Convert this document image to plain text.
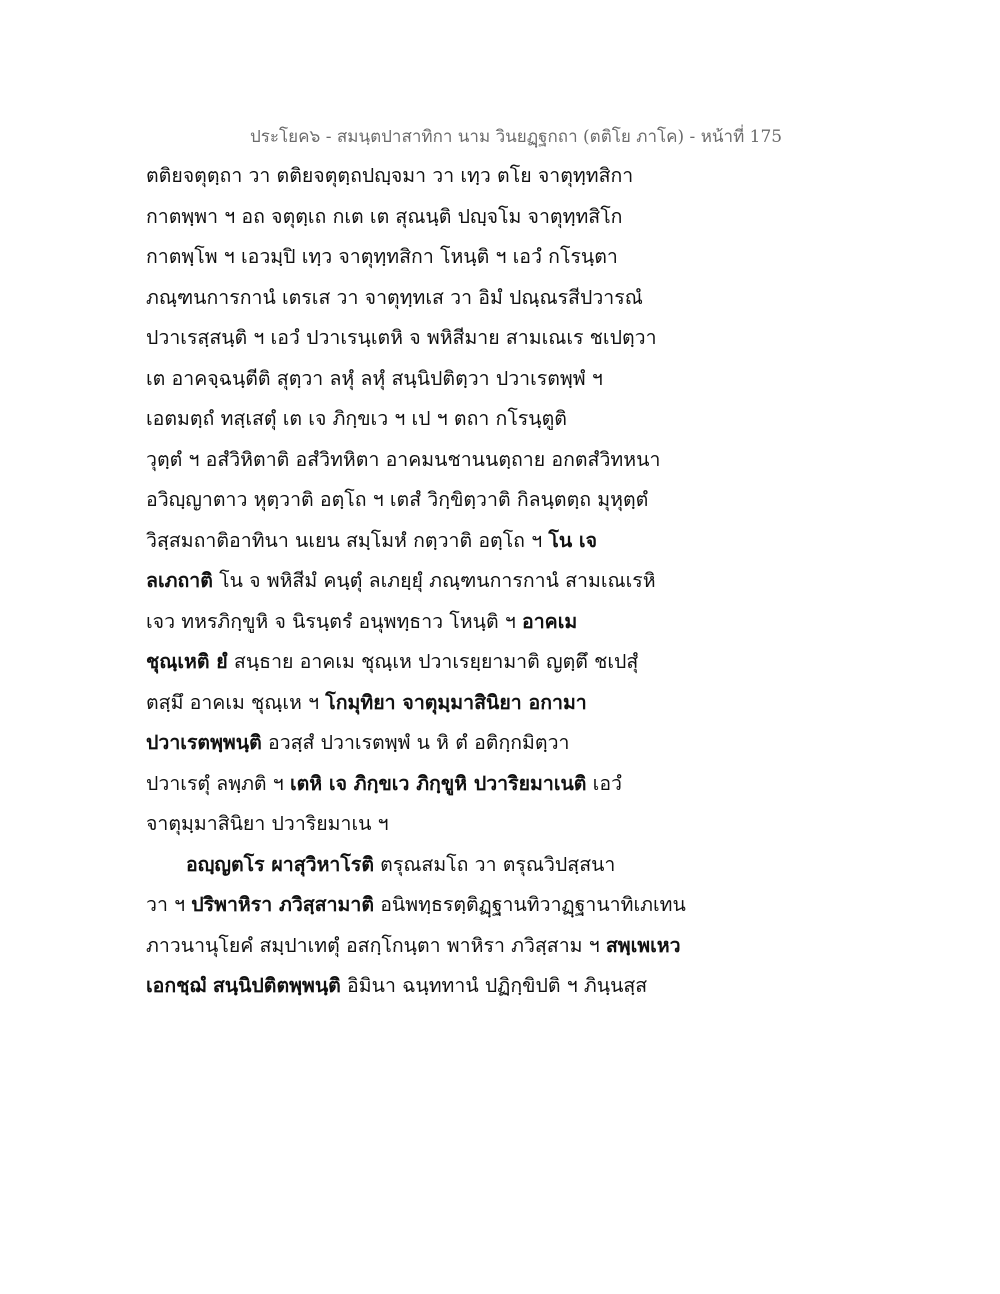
ประโยค๖ - สมนฺตปาสาทิกา นาม วินยฏฺฐกถา (ตติโย ภาโค) - หน้าที่ 175
ตติยจตุตฺถา วา ตติยจตุตฺถปญฺจมา วา เทฺว ตโย จาตุทฺทสิกา
กาตพฺพา ฯ อถ จตุตฺเถ กเต เต สุณนฺติ ปญฺจโม จาตุทฺทสิโก
กาตพฺโพ ฯ เอวมฺปิ เทฺว จาตุทฺทสิกา โหนฺติ ฯ เอวํ กโรนฺตา
ภณฺฑนการกานํ เตรเส วา จาตุทฺทเส วา อิมํ ปณฺณรสีปวารณํ
ปวาเรสฺสนฺติ ฯ เอวํ ปวาเรนฺเตหิ จ พหิสีมาย สามเณเร ชเปตฺวา
เต อาคจฺฉนฺตีติ สุตฺวา ลหุํ ลหุํ สนฺนิปติตฺวา ปวาเรตพฺพํ ฯ
เอตมตฺถํ ทสฺเสตุํ เต เจ ภิกฺขเว ฯ เป ฯ ตถา กโรนฺตูติ
วุตฺตํ ฯ อสํวิหิตาติ อสํวิทหิตา อาคมนชานนตฺถาย อกตสํวิทหนา
อวิญฺญาตาว หุตฺวาติ อตฺโถ ฯ เตสํ วิกฺขิตฺวาติ กิลนฺตตฺถ มุหุตฺตํ
วิสฺสมถาติอาทินา นเยน สมฺโมหํ กตฺวาติ อตฺโถ ฯ โน เจ
ลเภถาติ โน จ พหิสีมํ คนฺตุํ ลเภยฺยุํ ภณฺฑนการกานํ สามเณเรหิ
เจว ทหรภิกฺขูหิ จ นิรนฺตรํ อนุพทฺธาว โหนฺติ ฯ อาคเม
ชุณฺเหติ ยํ สนฺธาย อาคเม ชุณฺเห ปวาเรยฺยามาติ ญตฺตึ ชเปสุํ
ตสฺมึ อาคเม ชุณฺเห ฯ โกมุทิยา จาตุมฺมาสินิยา อกามา
ปวาเรตพฺพนฺติ อวสฺสํ ปวาเรตพฺพํ น หิ ตํ อติกฺกมิตฺวา
ปวาเรตุํ ลพฺภติ ฯ เตหิ เจ ภิกฺขเว ภิกฺขูหิ ปวาริยมาเนติ เอวํ
จาตุมฺมาสินิยา ปวาริยมาเน ฯ
อญฺญตโร ผาสุวิหาโรติ ตรุณสมโถ วา ตรุณวิปสฺสนา
วา ฯ ปริพาหิรา ภวิสฺสามาติ อนิพทฺธรตฺติฏฺฐานทิวาฏฺฐานาทิเภเทน
ภาวนานุโยคํ สมฺปาเทตุํ อสกฺโกนฺตา พาหิรา ภวิสฺสาม ฯ สพฺเพเหว
เอกชฺฌํ สนฺนิปติตพฺพนฺติ อิมินา ฉนฺททานํ ปฏิกฺขิปติ ฯ ภินฺนสฺส
